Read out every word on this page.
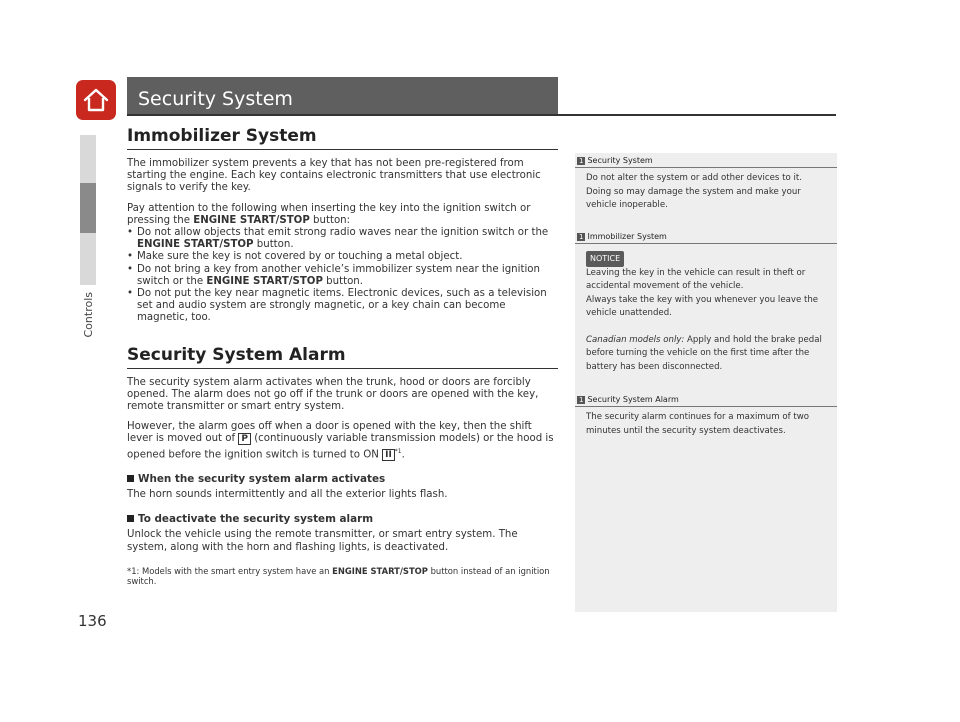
Controls
136
Security System
Immobilizer System

The immobilizer system prevents a key that has not been pre-registered from starting the engine. Each key contains electronic transmitters that use electronic signals to verify the key.

Pay attention to the following when inserting the key into the ignition switch or pressing the ENGINE START/STOP button:

• Do not allow objects that emit strong radio waves near the ignition switch or the ENGINE START/STOP button.
• Make sure the key is not covered by or touching a metal object.
• Do not bring a key from another vehicle’s immobilizer system near the ignition switch or the ENGINE START/STOP button.
• Do not put the key near magnetic items. Electronic devices, such as a television set and audio system are strongly magnetic, or a key chain can become magnetic, too.
Security System Alarm

The security system alarm activates when the trunk, hood or doors are forcibly opened. The alarm does not go off if the trunk or doors are opened with the key, remote transmitter or smart entry system.

However, the alarm goes off when a door is opened with the key, then the shift lever is moved out of P (continuously variable transmission models) or the hood is opened before the ignition switch is turned to ON II $^{*1}$.

When the security system alarm activates

The horn sounds intermittently and all the exterior lights flash.

To deactivate the security system alarm

Unlock the vehicle using the remote transmitter, or smart entry system. The system, along with the horn and flashing lights, is deactivated.

*1: Models with the smart entry system have an ENGINE START/STOP button instead of an ignition switch.

1 Security System
Do not alter the system or add other devices to it. Doing so may damage the system and make your vehicle inoperable.
1 Immobilizer System
NOTICE
Leaving the key in the vehicle can result in theft or accidental movement of the vehicle.
Always take the key with you whenever you leave the vehicle unattended.
Canadian models only: Apply and hold the brake pedal before turning the vehicle on the first time after the battery has been disconnected.
1 Security System Alarm
The security alarm continues for a maximum of two minutes until the security system deactivates.
